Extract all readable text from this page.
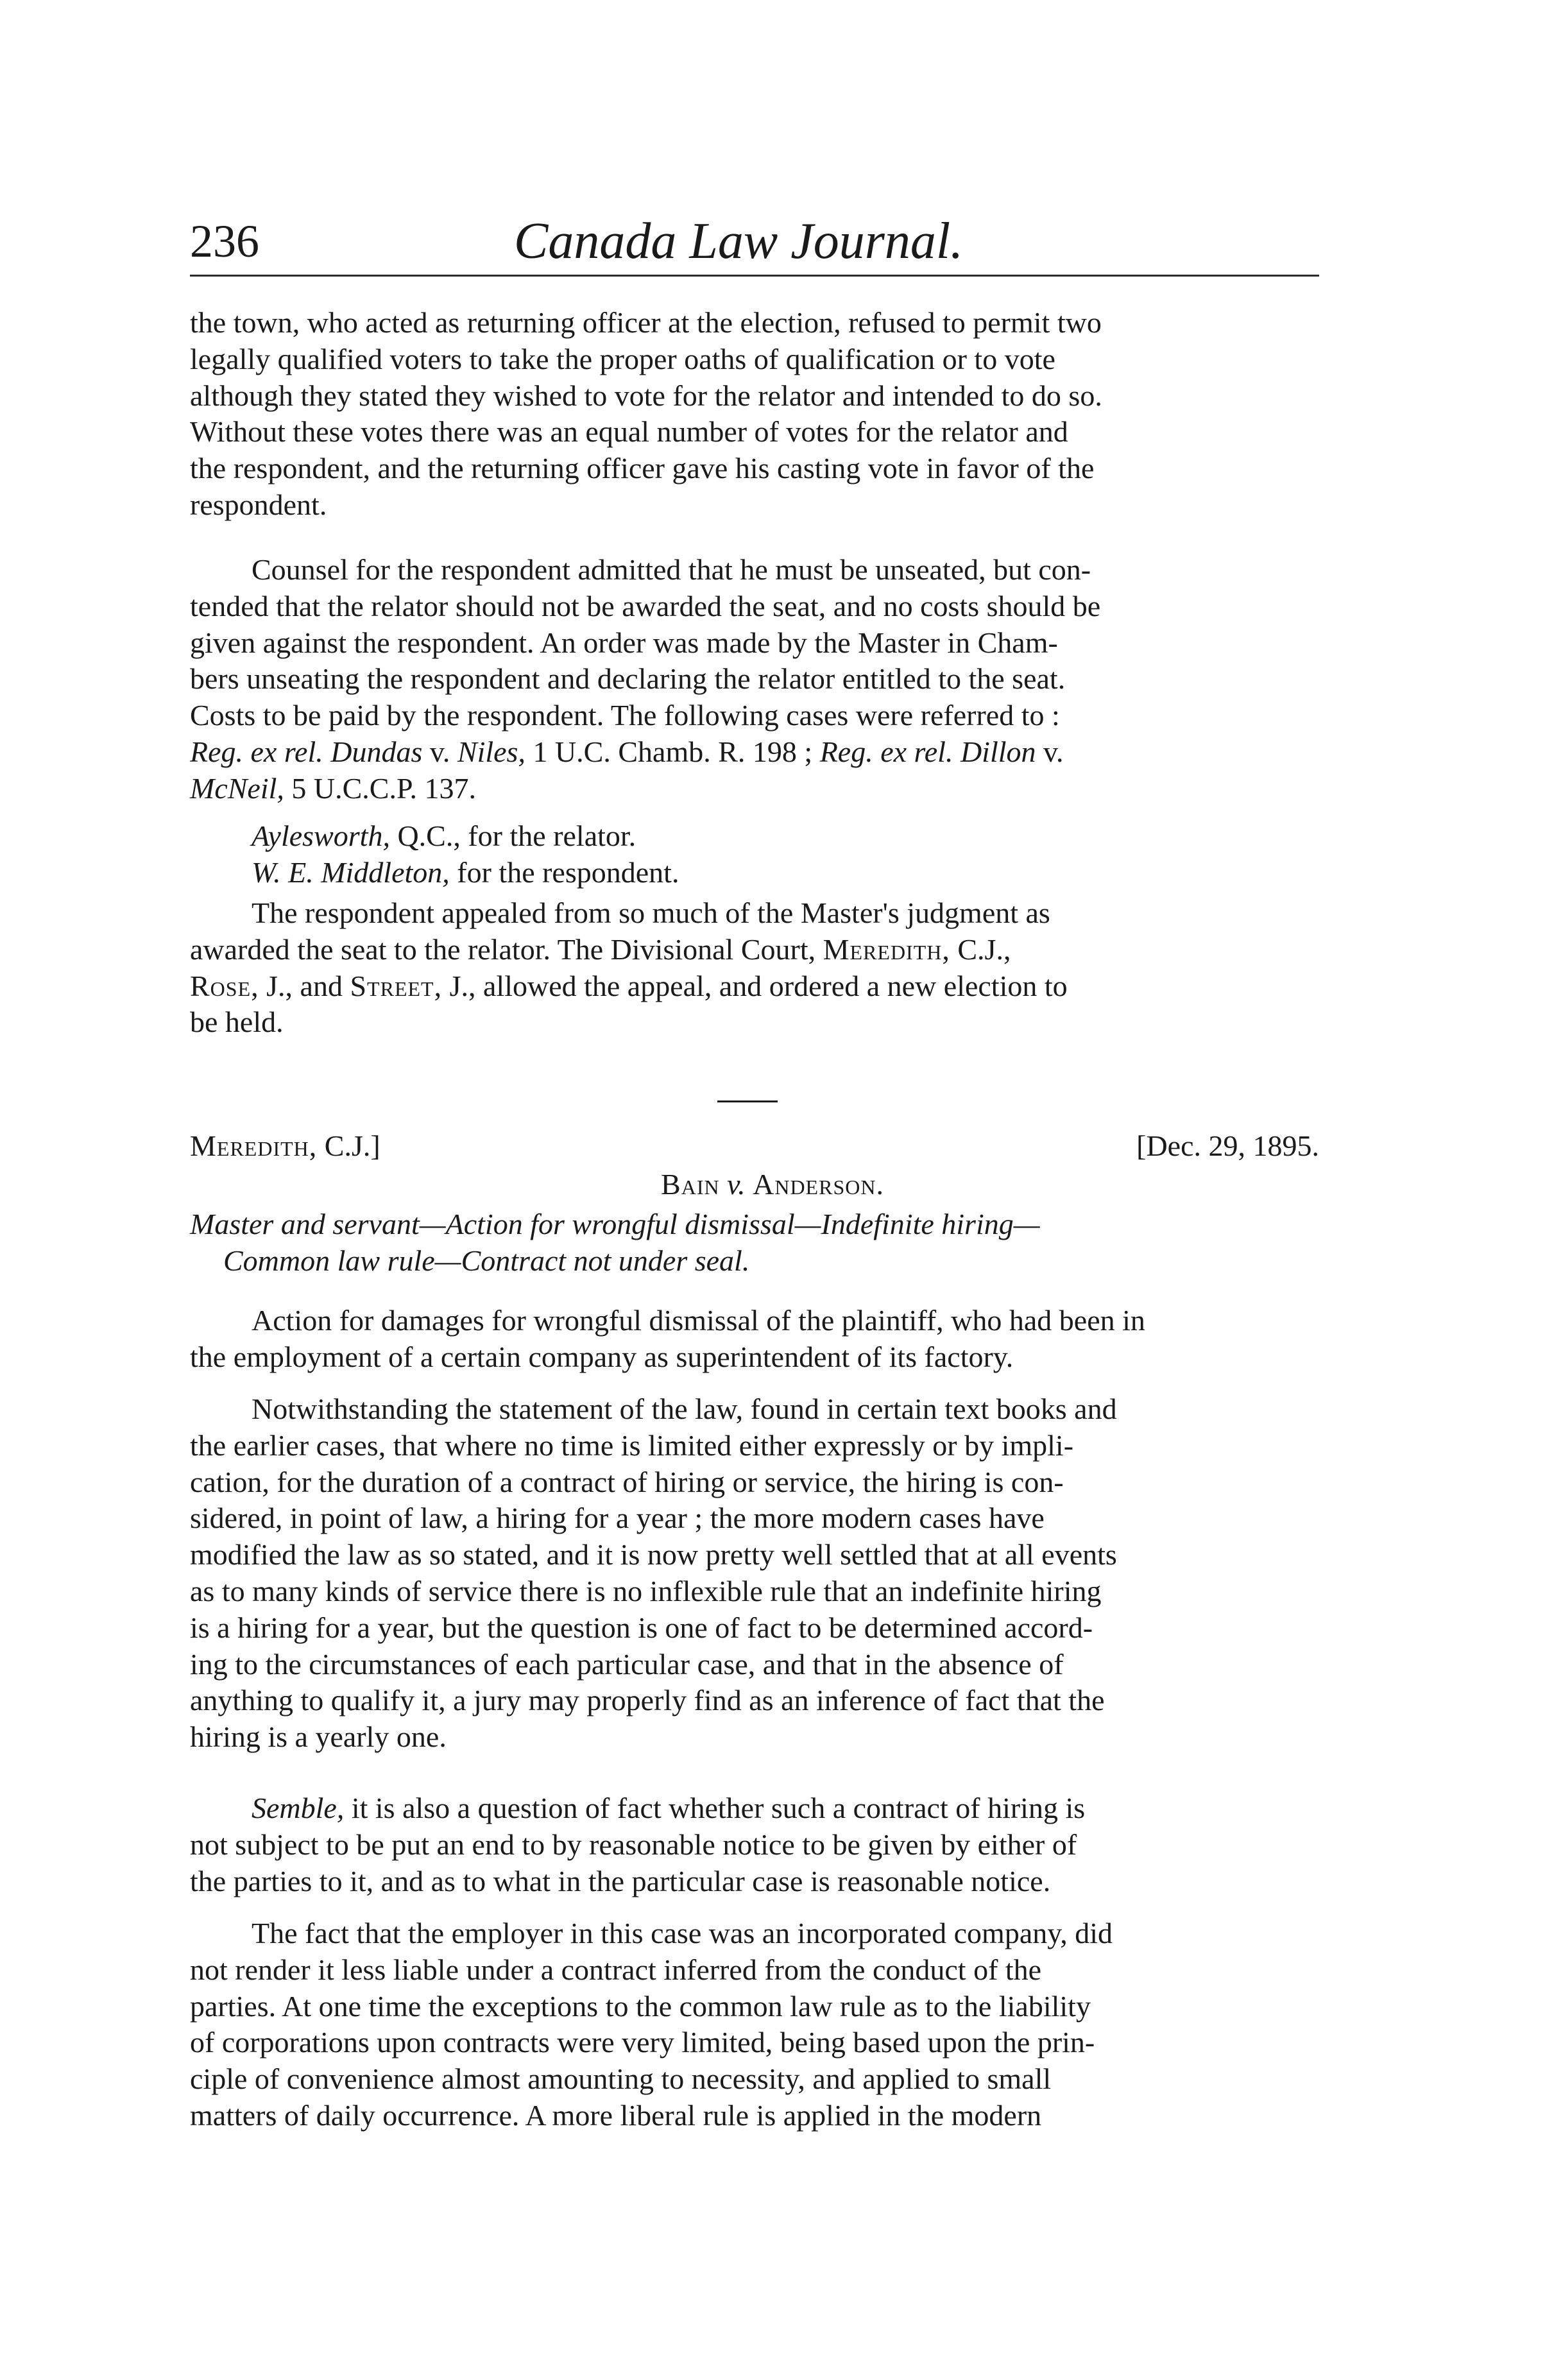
236	Canada Law Journal.

the town, who acted as returning officer at the election, refused to permit two
legally qualified voters to take the proper oaths of qualification or to vote
although they stated they wished to vote for the relator and intended to do so.
Without these votes there was an equal number of votes for the relator and
the respondent, and the returning officer gave his casting vote in favor of the
respondent.

Counsel for the respondent admitted that he must be unseated, but con-
tended that the relator should not be awarded the seat, and no costs should be
given against the respondent. An order was made by the Master in Cham-
bers unseating the respondent and declaring the relator entitled to the seat.
Costs to be paid by the respondent. The following cases were referred to :
Reg. ex rel. Dundas v. Niles, 1 U.C. Chamb. R. 198 ; Reg. ex rel. Dillon v.
McNeil, 5 U.C.C.P. 137.

Aylesworth, Q.C., for the relator.

W. E. Middleton, for the respondent.

The respondent appealed from so much of the Master's judgment as
awarded the seat to the relator. The Divisional Court, Meredith, C.J.,
Rose, J., and Street, J., allowed the appeal, and ordered a new election to
be held.

Meredith, C.J.]	[Dec. 29, 1895.
Bain v. Anderson.

Master and servant—Action for wrongful dismissal—Indefinite hiring—
Common law rule—Contract not under seal.

Action for damages for wrongful dismissal of the plaintiff, who had been in
the employment of a certain company as superintendent of its factory.

Notwithstanding the statement of the law, found in certain text books and
the earlier cases, that where no time is limited either expressly or by impli-
cation, for the duration of a contract of hiring or service, the hiring is con-
sidered, in point of law, a hiring for a year ; the more modern cases have
modified the law as so stated, and it is now pretty well settled that at all events
as to many kinds of service there is no inflexible rule that an indefinite hiring
is a hiring for a year, but the question is one of fact to be determined accord-
ing to the circumstances of each particular case, and that in the absence of
anything to qualify it, a jury may properly find as an inference of fact that the
hiring is a yearly one.

Semble, it is also a question of fact whether such a contract of hiring is
not subject to be put an end to by reasonable notice to be given by either of
the parties to it, and as to what in the particular case is reasonable notice.

The fact that the employer in this case was an incorporated company, did
not render it less liable under a contract inferred from the conduct of the
parties. At one time the exceptions to the common law rule as to the liability
of corporations upon contracts were very limited, being based upon the prin-
ciple of convenience almost amounting to necessity, and applied to small
matters of daily occurrence. A more liberal rule is applied in the modern
